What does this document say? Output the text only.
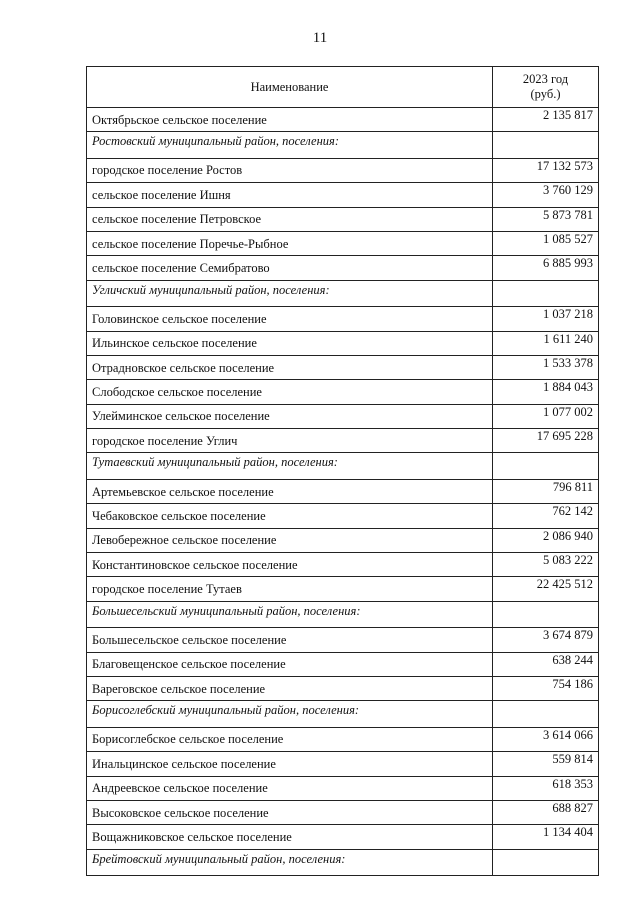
11
Наименование	2023 год
(руб.)

Октябрьское сельское поселение	2 135 817
Ростовский муниципальный район, поселения:	
городское поселение Ростов	17 132 573
сельское поселение Ишня	3 760 129
сельское поселение Петровское	5 873 781
сельское поселение Поречье-Рыбное	1 085 527
сельское поселение Семибратово	6 885 993
Угличский муниципальный район, поселения:	
Головинское сельское поселение	1 037 218
Ильинское сельское поселение	1 611 240
Отрадновское сельское поселение	1 533 378
Слободское сельское поселение	1 884 043
Улейминское сельское поселение	1 077 002
городское поселение Углич	17 695 228
Тутаевский муниципальный район, поселения:	
Артемьевское сельское поселение	796 811
Чебаковское сельское поселение	762 142
Левобережное сельское поселение	2 086 940
Константиновское сельское поселение	5 083 222
городское поселение Тутаев	22 425 512
Большесельский муниципальный район, поселения:	
Большесельское сельское поселение	3 674 879
Благовещенское сельское поселение	638 244
Вареговское сельское поселение	754 186
Борисоглебский муниципальный район, поселения:	
Борисоглебское сельское поселение	3 614 066
Инальцинское сельское поселение	559 814
Андреевское сельское поселение	618 353
Высоковское сельское поселение	688 827
Вощажниковское сельское поселение	1 134 404
Брейтовский муниципальный район, поселения:	
